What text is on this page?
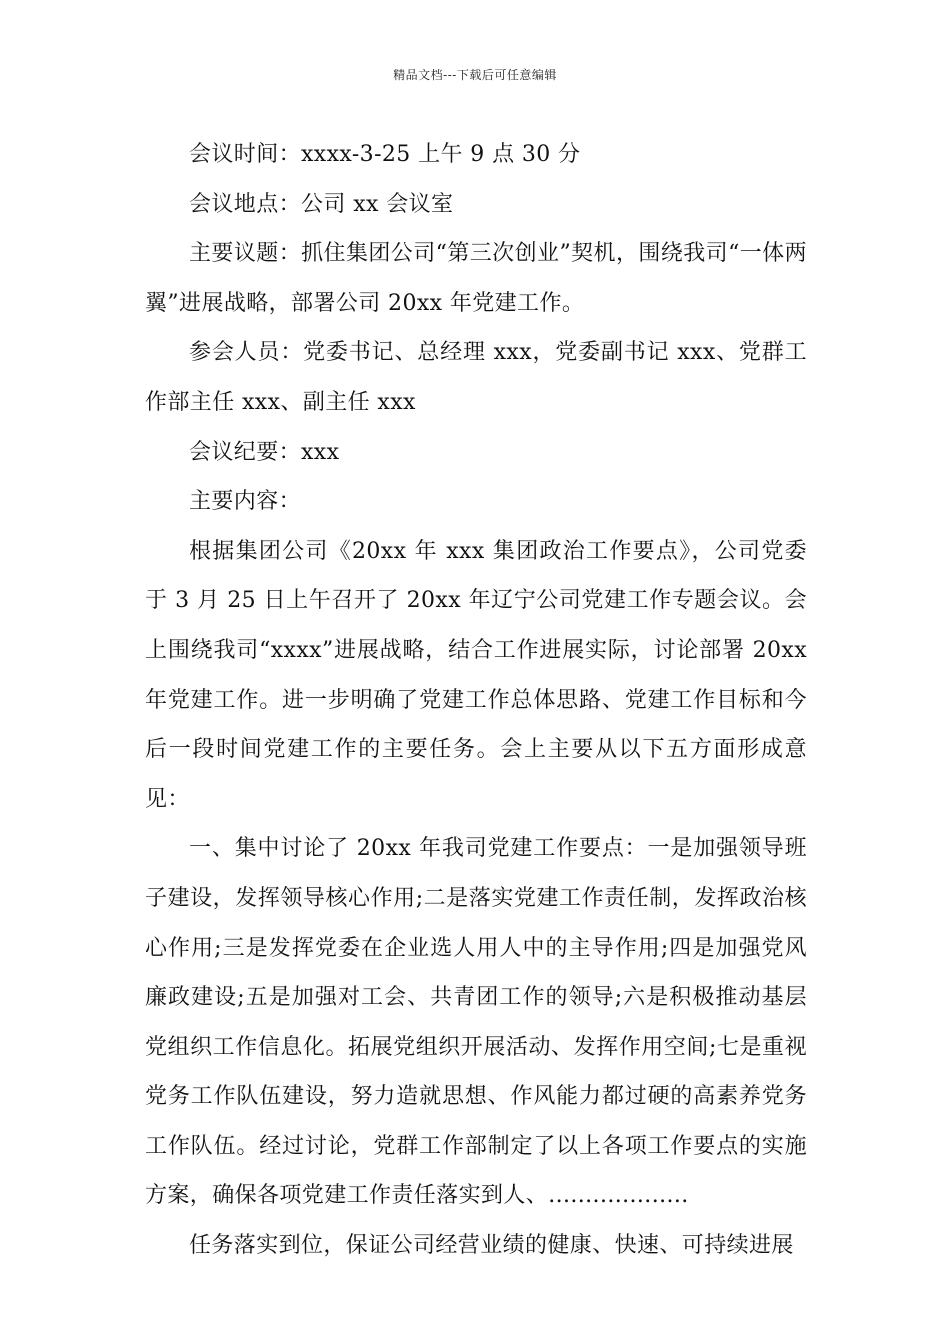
精品文档---下载后可任意编辑

会议时间：xxxx-3-25 上午 9 点 30 分

会议地点：公司 xx 会议室

主要议题：抓住集团公司“第三次创业”契机，围绕我司“一体两翼”进展战略，部署公司 20xx 年党建工作。

参会人员：党委书记、总经理 xxx，党委副书记 xxx、党群工作部主任 xxx、副主任 xxx

会议纪要：xxx

主要内容：

根据集团公司《20xx 年 xxx 集团政治工作要点》，公司党委于 3 月 25 日上午召开了 20xx 年辽宁公司党建工作专题会议。会上围绕我司“xxxx”进展战略，结合工作进展实际，讨论部署 20xx 年党建工作。进一步明确了党建工作总体思路、党建工作目标和今后一段时间党建工作的主要任务。会上主要从以下五方面形成意见：

一、集中讨论了 20xx 年我司党建工作要点：一是加强领导班子建设，发挥领导核心作用;二是落实党建工作责任制，发挥政治核心作用;三是发挥党委在企业选人用人中的主导作用;四是加强党风廉政建设;五是加强对工会、共青团工作的领导;六是积极推动基层党组织工作信息化。拓展党组织开展活动、发挥作用空间;七是重视党务工作队伍建设，努力造就思想、作风能力都过硬的高素养党务工作队伍。经过讨论，党群工作部制定了以上各项工作要点的实施方案，确保各项党建工作责任落实到人、...................

任务落实到位，保证公司经营业绩的健康、快速、可持续进展
